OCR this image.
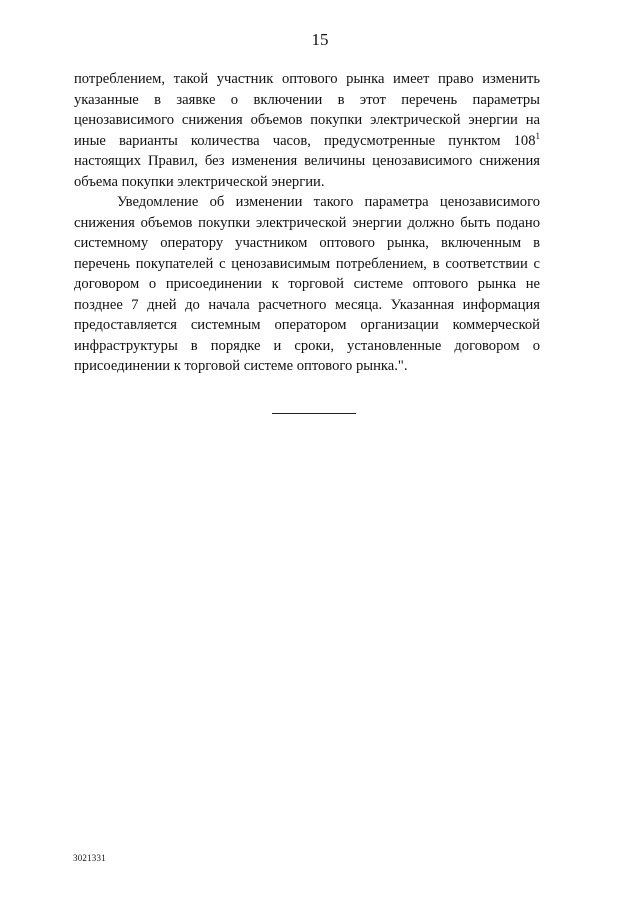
15

потреблением, такой участник оптового рынка имеет право изменить указанные в заявке о включении в этот перечень параметры ценозависимого снижения объемов покупки электрической энергии на иные варианты количества часов, предусмотренные пунктом $108^1$ настоящих Правил, без изменения величины ценозависимого снижения объема покупки электрической энергии.

Уведомление об изменении такого параметра ценозависимого снижения объемов покупки электрической энергии должно быть подано системному оператору участником оптового рынка, включенным в перечень покупателей с ценозависимым потреблением, в соответствии с договором о присоединении к торговой системе оптового рынка не позднее 7 дней до начала расчетного месяца. Указанная информация предоставляется системным оператором организации коммерческой инфраструктуры в порядке и сроки, установленные договором о присоединении к торговой системе оптового рынка.".

3021331
